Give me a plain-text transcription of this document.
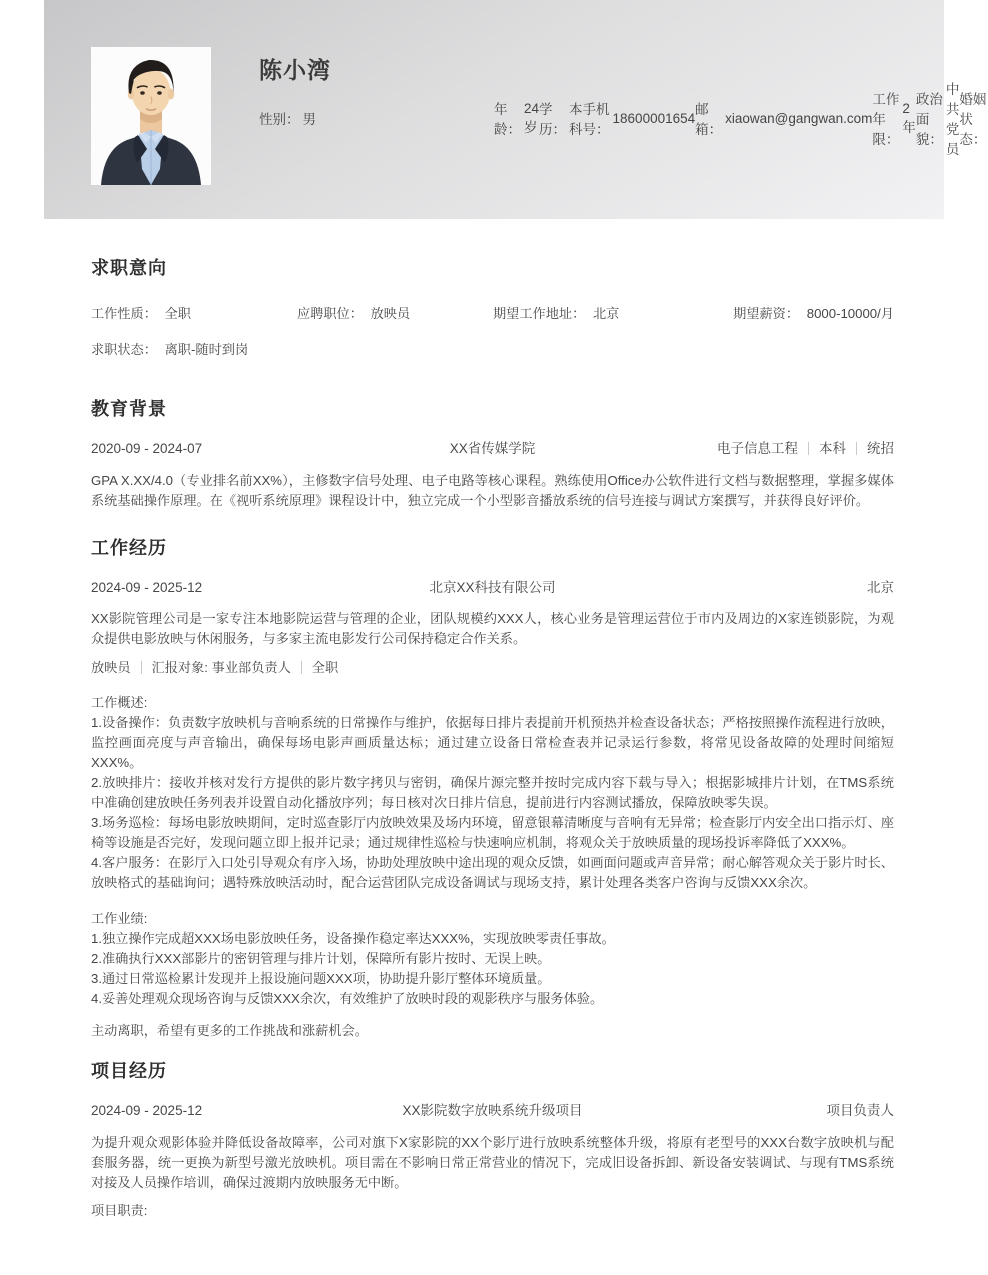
陈小湾
性别： 男
年龄：
24岁
学历：
本科
手机号：
18600001654
邮箱：
xiaowan@gangwan.com
工作年限：
2年
政治面貌：
中共党员
婚姻状态：
求职意向
工作性质： 全职	应聘职位： 放映员	期望工作地址： 北京	期望薪资： 8000-10000/月
求职状态： 离职-随时到岗
教育背景
2020-09 - 2024-07	XX省传媒学院	电子信息工程 本科 统招
GPA X.XX/4.0（专业排名前XX%），主修数字信号处理、电子电路等核心课程。熟练使用Office办公软件进行文档与数据整理，掌握多媒体系统基础操作原理。在《视听系统原理》课程设计中，独立完成一个小型影音播放系统的信号连接与调试方案撰写，并获得良好评价。
工作经历
2024-09 - 2025-12	北京XX科技有限公司	北京
XX影院管理公司是一家专注本地影院运营与管理的企业，团队规模约XXX人，核心业务是管理运营位于市内及周边的X家连锁影院，为观众提供电影放映与休闲服务，与多家主流电影发行公司保持稳定合作关系。
放映员 汇报对象: 事业部负责人 全职
工作概述:
1.设备操作：负责数字放映机与音响系统的日常操作与维护，依据每日排片表提前开机预热并检查设备状态；严格按照操作流程进行放映，监控画面亮度与声音输出，确保每场电影声画质量达标；通过建立设备日常检查表并记录运行参数，将常见设备故障的处理时间缩短XXX%。
2.放映排片：接收并核对发行方提供的影片数字拷贝与密钥，确保片源完整并按时完成内容下载与导入；根据影城排片计划，在TMS系统中准确创建放映任务列表并设置自动化播放序列；每日核对次日排片信息，提前进行内容测试播放，保障放映零失误。
3.场务巡检：每场电影放映期间，定时巡查影厅内放映效果及场内环境，留意银幕清晰度与音响有无异常；检查影厅内安全出口指示灯、座椅等设施是否完好，发现问题立即上报并记录；通过规律性巡检与快速响应机制，将观众关于放映质量的现场投诉率降低了XXX%。
4.客户服务：在影厅入口处引导观众有序入场，协助处理放映中途出现的观众反馈，如画面问题或声音异常；耐心解答观众关于影片时长、放映格式的基础询问；遇特殊放映活动时，配合运营团队完成设备调试与现场支持，累计处理各类客户咨询与反馈XXX余次。
工作业绩:
1.独立操作完成超XXX场电影放映任务，设备操作稳定率达XXX%，实现放映零责任事故。
2.准确执行XXX部影片的密钥管理与排片计划，保障所有影片按时、无误上映。
3.通过日常巡检累计发现并上报设施问题XXX项，协助提升影厅整体环境质量。
4.妥善处理观众现场咨询与反馈XXX余次，有效维护了放映时段的观影秩序与服务体验。
主动离职，希望有更多的工作挑战和涨薪机会。
项目经历
2024-09 - 2025-12	XX影院数字放映系统升级项目	项目负责人
为提升观众观影体验并降低设备故障率，公司对旗下X家影院的XX个影厅进行放映系统整体升级，将原有老型号的XXX台数字放映机与配套服务器，统一更换为新型号激光放映机。项目需在不影响日常正常营业的情况下，完成旧设备拆卸、新设备安装调试、与现有TMS系统对接及人员操作培训，确保过渡期内放映服务无中断。
项目职责:
